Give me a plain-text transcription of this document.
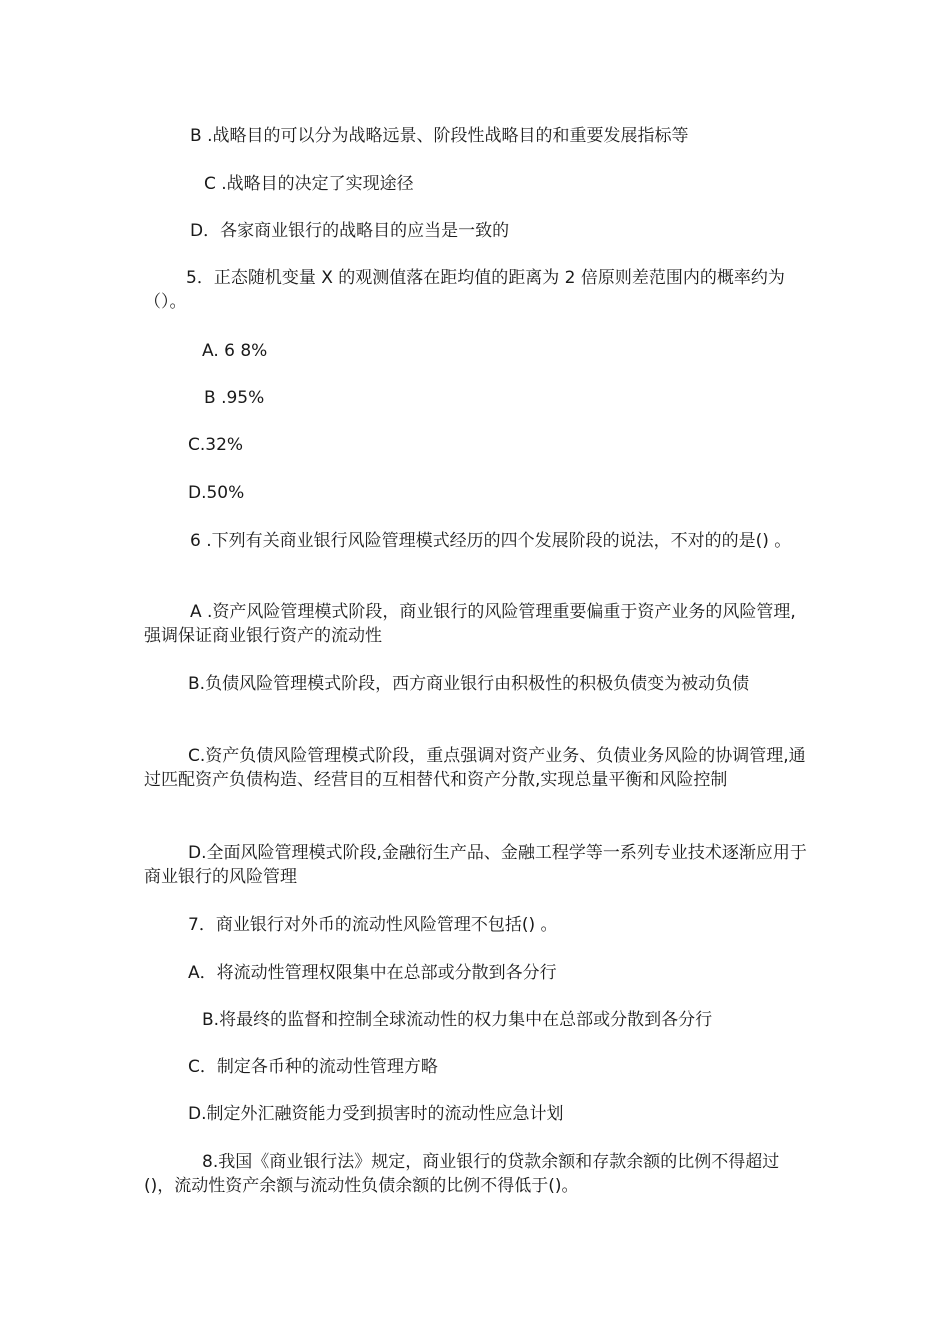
B .战略目的可以分为战略远景、阶段性战略目的和重要发展指标等

C .战略目的决定了实现途径

D．各家商业银行的战略目的应当是一致的

5．正态随机变量 X 的观测值落在距均值的距离为 2 倍原则差范围内的概率约为（）。

A. 6 8%

B .95%

C.32%

D.50%

6 .下列有关商业银行风险管理模式经历的四个发展阶段的说法，不对的的是() 。

A .资产风险管理模式阶段，商业银行的风险管理重要偏重于资产业务的风险管理,强调保证商业银行资产的流动性

B.负债风险管理模式阶段，西方商业银行由积极性的积极负债变为被动负债

C.资产负债风险管理模式阶段，重点强调对资产业务、负债业务风险的协调管理,通过匹配资产负债构造、经营目的互相替代和资产分散,实现总量平衡和风险控制

D.全面风险管理模式阶段,金融衍生产品、金融工程学等一系列专业技术逐渐应用于商业银行的风险管理

7．商业银行对外币的流动性风险管理不包括() 。

A．将流动性管理权限集中在总部或分散到各分行

B.将最终的监督和控制全球流动性的权力集中在总部或分散到各分行

C．制定各币种的流动性管理方略

D.制定外汇融资能力受到损害时的流动性应急计划

8.我国《商业银行法》规定，商业银行的贷款余额和存款余额的比例不得超过()，流动性资产余额与流动性负债余额的比例不得低于()。
